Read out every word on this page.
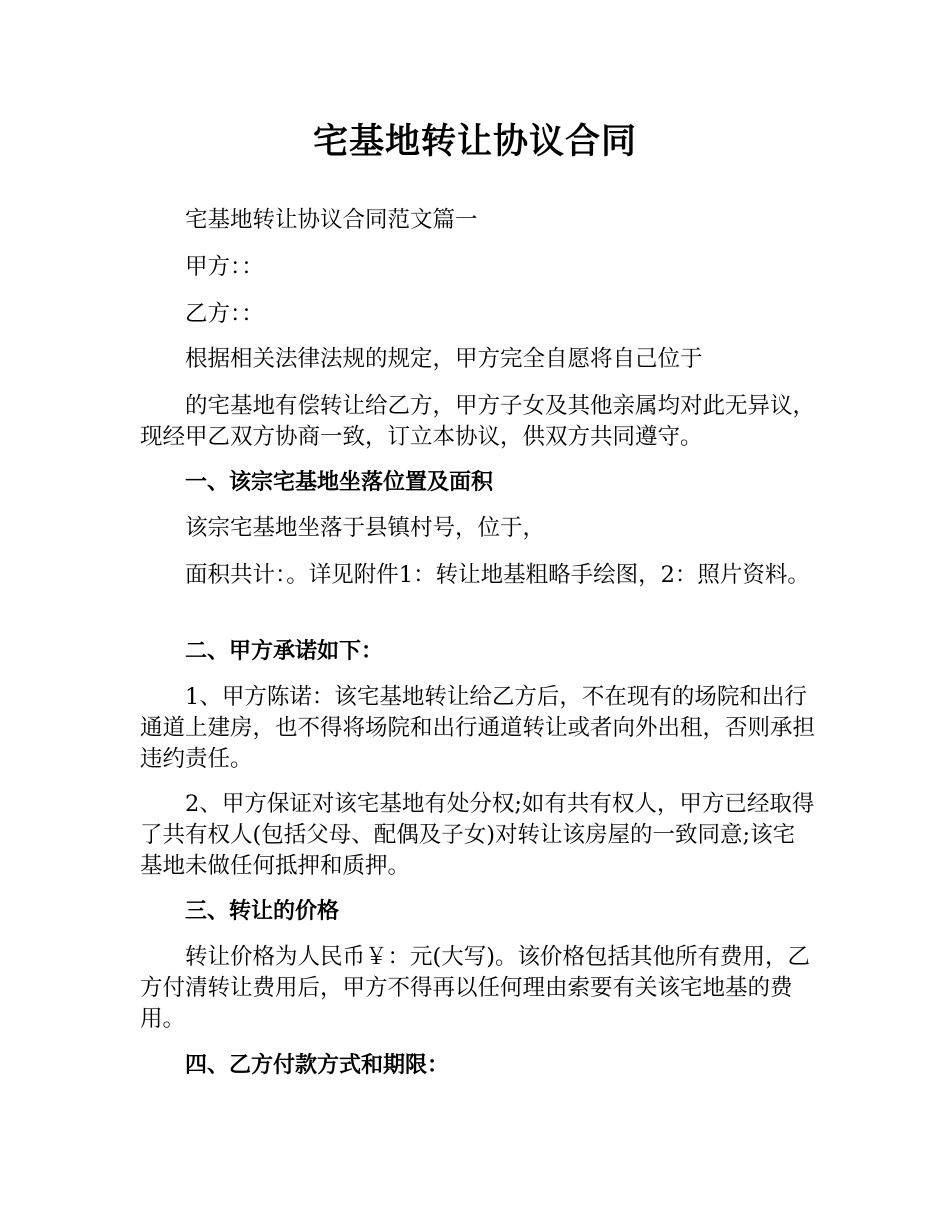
宅基地转让协议合同

宅基地转让协议合同范文篇一

甲方：：

乙方：：

根据相关法律法规的规定，甲方完全自愿将自己位于

的宅基地有偿转让给乙方，甲方子女及其他亲属均对此无异议，现经甲乙双方协商一致，订立本协议，供双方共同遵守。

一、该宗宅基地坐落位置及面积

该宗宅基地坐落于县镇村号，位于，

面积共计：。详见附件1：转让地基粗略手绘图，2：照片资料。

二、甲方承诺如下：

1、甲方陈诺：该宅基地转让给乙方后，不在现有的场院和出行通道上建房，也不得将场院和出行通道转让或者向外出租，否则承担违约责任。

2、甲方保证对该宅基地有处分权;如有共有权人，甲方已经取得了共有权人(包括父母、配偶及子女)对转让该房屋的一致同意;该宅基地未做任何抵押和质押。

三、转让的价格

转让价格为人民币￥：元(大写)。该价格包括其他所有费用，乙方付清转让费用后，甲方不得再以任何理由索要有关该宅地基的费用。

四、乙方付款方式和期限：
